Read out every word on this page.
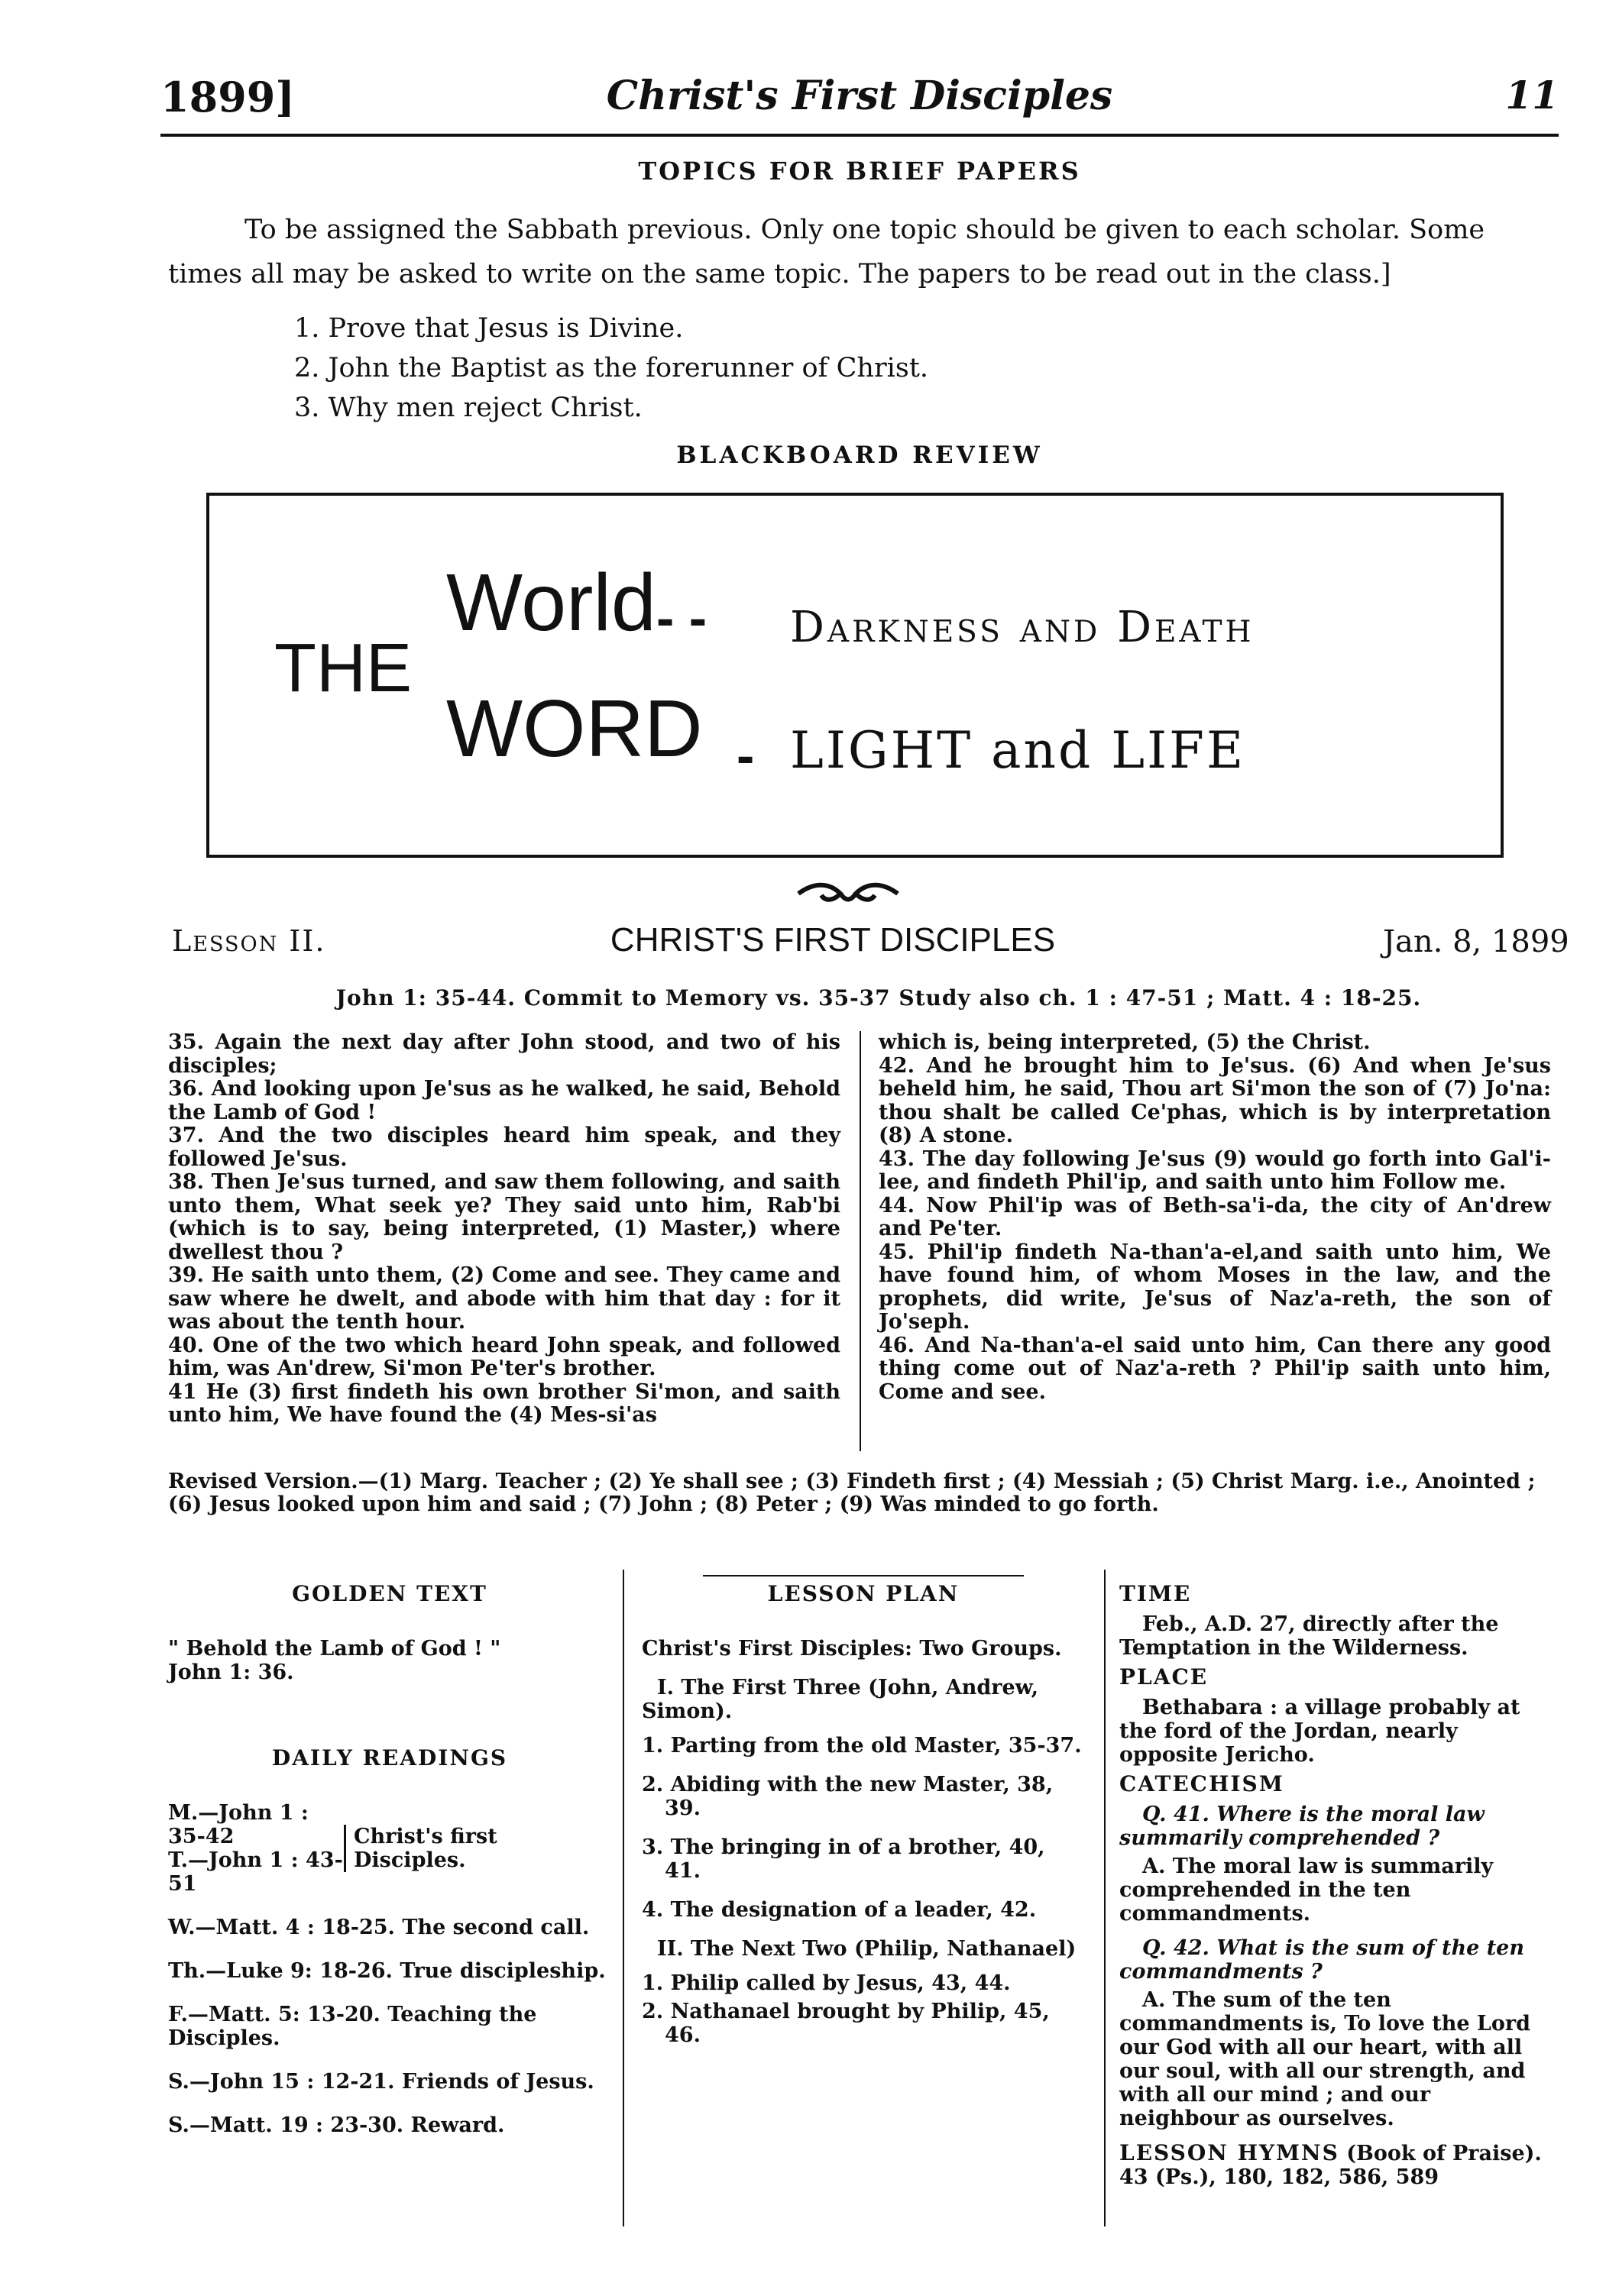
1899]	Christ's First Disciples	11
TOPICS FOR BRIEF PAPERS

To be assigned the Sabbath previous. Only one topic should be given to each scholar. Some times all may be asked to write on the same topic. The papers to be read out in the class.]

1. Prove that Jesus is Divine.
2. John the Baptist as the forerunner of Christ.
3. Why men reject Christ.
BLACKBOARD REVIEW
THE
World - - Darkness and Death
WORD - LIGHT and LIFE
Lesson II.	CHRIST'S FIRST DISCIPLES	Jan. 8, 1899
John 1: 35-44. Commit to Memory vs. 35-37 Study also ch. 1 : 47-51 ; Matt. 4 : 18-25.

35. Again the next day after John stood, and two of his disciples;

36. And looking upon Je'sus as he walked, he said, Behold the Lamb of God !

37. And the two disciples heard him speak, and they followed Je'sus.

38. Then Je'sus turned, and saw them following, and saith unto them, What seek ye? They said unto him, Rab'bi (which is to say, being interpreted, (1) Master,) where dwellest thou ?

39. He saith unto them, (2) Come and see. They came and saw where he dwelt, and abode with him that day : for it was about the tenth hour.

40. One of the two which heard John speak, and followed him, was An'drew, Si'mon Pe'ter's brother.

41 He (3) first findeth his own brother Si'mon, and saith unto him, We have found the (4) Mes-si'as

which is, being interpreted, (5) the Christ.

42. And he brought him to Je'sus. (6) And when Je'sus beheld him, he said, Thou art Si'mon the son of (7) Jo'na: thou shalt be called Ce'phas, which is by interpretation (8) A stone.

43. The day following Je'sus (9) would go forth into Gal'i-lee, and findeth Phil'ip, and saith unto him Follow me.

44. Now Phil'ip was of Beth-sa'i-da, the city of An'drew and Pe'ter.

45. Phil'ip findeth Na-than'a-el,and saith unto him, We have found him, of whom Moses in the law, and the prophets, did write, Je'sus of Naz'a-reth, the son of Jo'seph.

46. And Na-than'a-el said unto him, Can there any good thing come out of Naz'a-reth ? Phil'ip saith unto him, Come and see.

Revised Version.—(1) Marg. Teacher ; (2) Ye shall see ; (3) Findeth first ; (4) Messiah ; (5) Christ Marg. i.e., Anointed ; (6) Jesus looked upon him and said ; (7) John ; (8) Peter ; (9) Was minded to go forth.

GOLDEN TEXT
" Behold the Lamb of God ! "
John 1: 36.
DAILY READINGS
M.—John 1 : 35-42
T.—John 1 : 43-51
Christ's first Disciples.
W.—Matt. 4 : 18-25. The second call.
Th.—Luke 9: 18-26. True discipleship.
F.—Matt. 5: 13-20. Teaching the Disciples.
S.—John 15 : 12-21. Friends of Jesus.
S.—Matt. 19 : 23-30. Reward.
LESSON PLAN
Christ's First Disciples: Two Groups.
I. The First Three (John, Andrew, Simon).
1. Parting from the old Master, 35-37.
2. Abiding with the new Master, 38, 39.
3. The bringing in of a brother, 40, 41.
4. The designation of a leader, 42.
II. The Next Two (Philip, Nathanael)
1. Philip called by Jesus, 43, 44.
2. Nathanael brought by Philip, 45, 46.
TIME
Feb., A.D. 27, directly after the Temptation in the Wilderness.
PLACE
Bethabara : a village probably at the ford of the Jordan, nearly opposite Jericho.
CATECHISM
Q. 41. Where is the moral law summarily comprehended ?
A. The moral law is summarily comprehended in the ten commandments.
Q. 42. What is the sum of the ten commandments ?
A. The sum of the ten commandments is, To love the Lord our God with all our heart, with all our soul, with all our strength, and with all our mind ; and our neighbour as ourselves.
LESSON HYMNS (Book of Praise). 43 (Ps.), 180, 182, 586, 589
